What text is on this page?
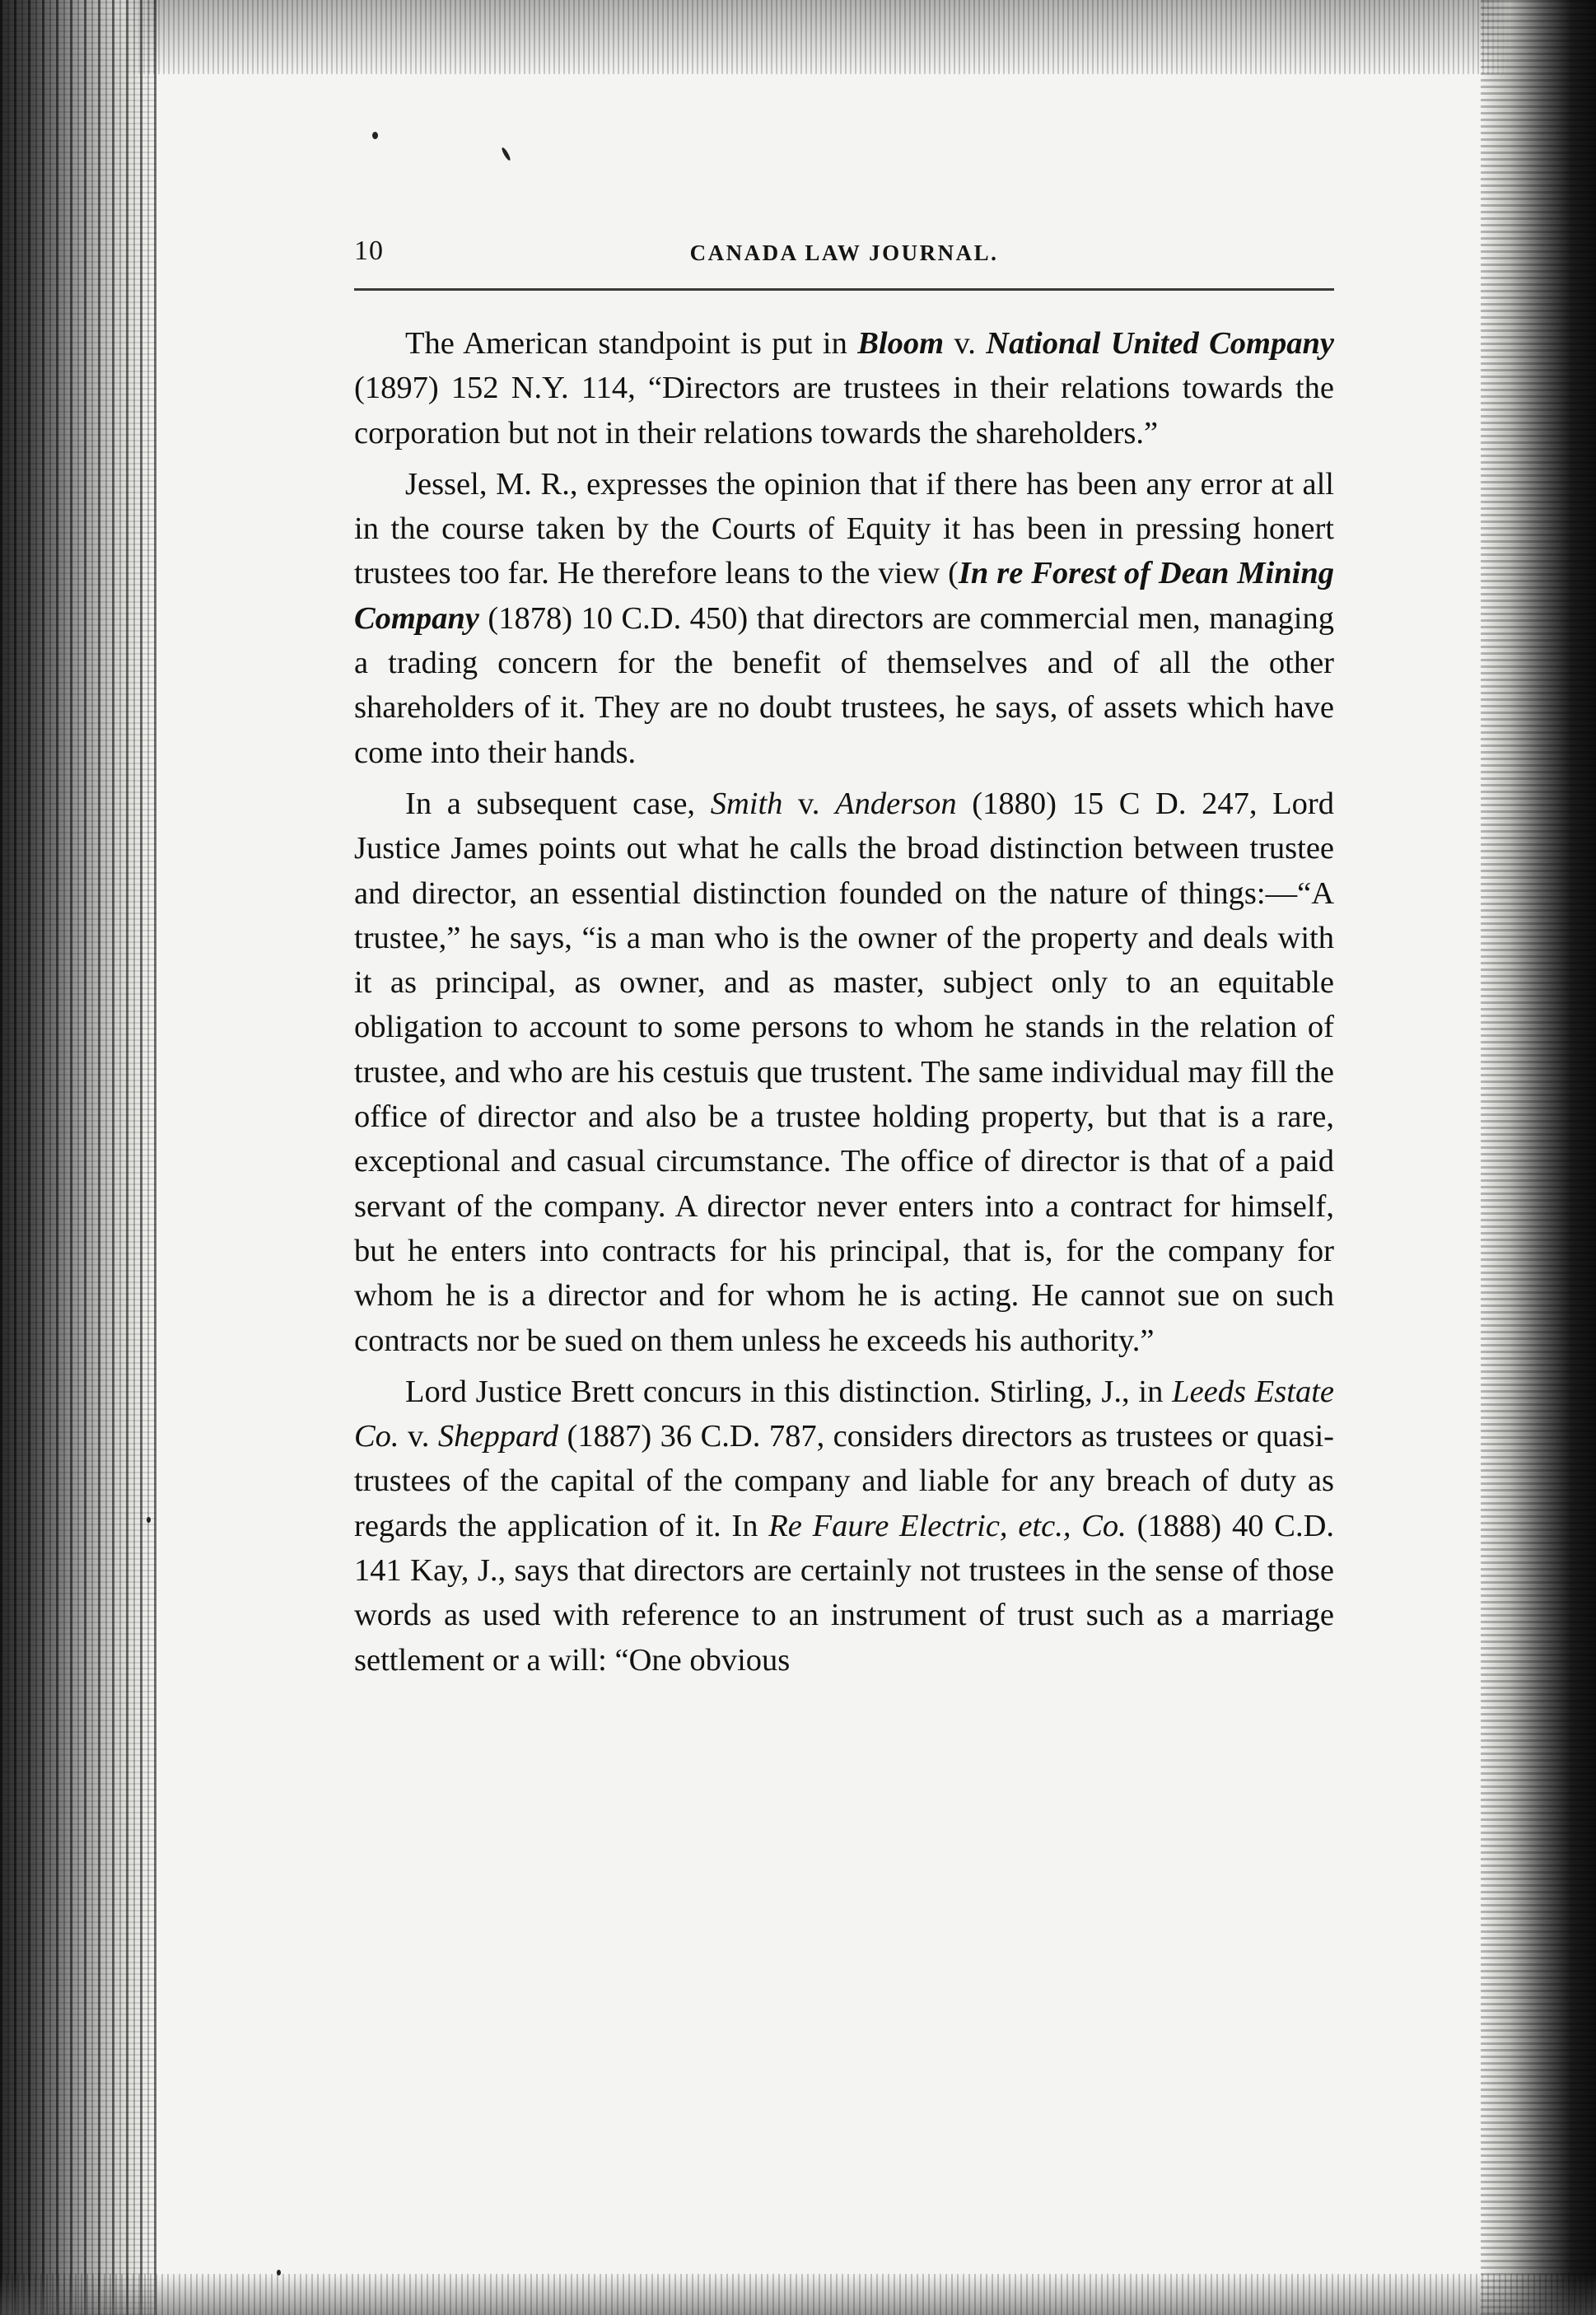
10	CANADA LAW JOURNAL.

The American standpoint is put in Bloom v. National United Company (1897) 152 N.Y. 114, “Directors are trustees in their relations towards the corporation but not in their relations towards the shareholders.”

Jessel, M. R., expresses the opinion that if there has been any error at all in the course taken by the Courts of Equity it has been in pressing honert trustees too far. He therefore leans to the view (In re Forest of Dean Mining Company (1878) 10 C.D. 450) that directors are commercial men, managing a trading concern for the benefit of themselves and of all the other shareholders of it. They are no doubt trustees, he says, of assets which have come into their hands.

In a subsequent case, Smith v. Anderson (1880) 15 C D. 247, Lord Justice James points out what he calls the broad distinction between trustee and director, an essential distinction founded on the nature of things:—“A trustee,” he says, “is a man who is the owner of the property and deals with it as principal, as owner, and as master, subject only to an equitable obligation to account to some persons to whom he stands in the relation of trustee, and who are his cestuis que trustent. The same individual may fill the office of director and also be a trustee holding property, but that is a rare, exceptional and casual circumstance. The office of director is that of a paid servant of the company. A director never enters into a contract for himself, but he enters into contracts for his principal, that is, for the company for whom he is a director and for whom he is acting. He cannot sue on such contracts nor be sued on them unless he exceeds his authority.”

Lord Justice Brett concurs in this distinction. Stirling, J., in Leeds Estate Co. v. Sheppard (1887) 36 C.D. 787, considers directors as trustees or quasi-trustees of the capital of the company and liable for any breach of duty as regards the application of it. In Re Faure Electric, etc., Co. (1888) 40 C.D. 141 Kay, J., says that directors are certainly not trustees in the sense of those words as used with reference to an instrument of trust such as a marriage settlement or a will: “One obvious
